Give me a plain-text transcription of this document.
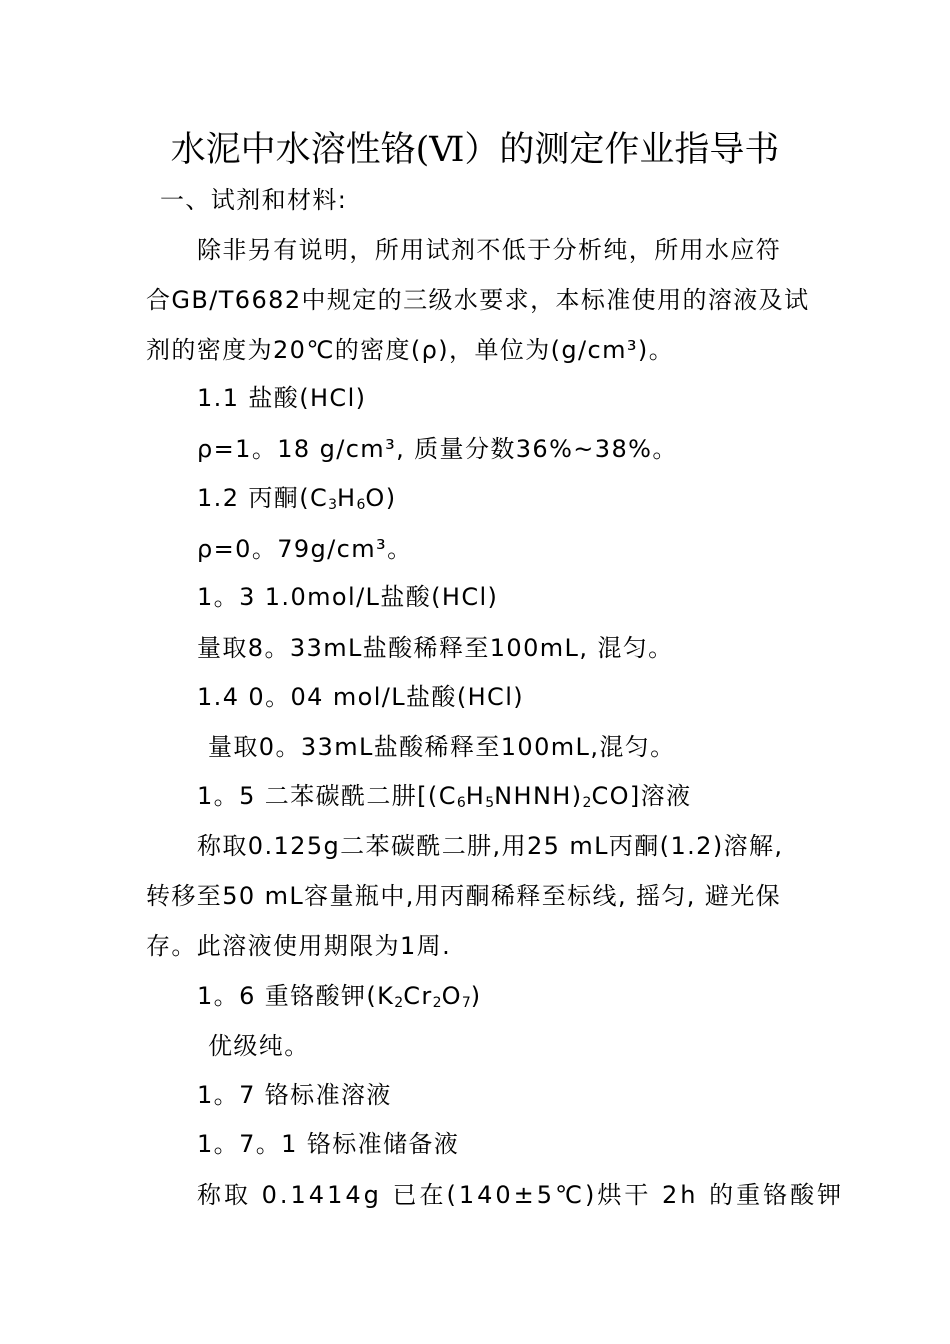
水泥中水溶性铬(Ⅵ）的测定作业指导书
一、试剂和材料:
除非另有说明，所用试剂不低于分析纯，所用水应符
合GB/T6682中规定的三级水要求，本标准使用的溶液及试
剂的密度为20℃的密度(ρ)，单位为(g/cm³)。
1.1 盐酸(HCl)
ρ=1。18 g/cm³, 质量分数36%~38%。
1.2 丙酮$(C_3H_6O)$
ρ=0。79g/cm³。
1。3 1.0mol/L盐酸(HCl)
量取8。33mL盐酸稀释至100mL, 混匀。
1.4 0。04 mol/L盐酸(HCl)
量取0。33mL盐酸稀释至100mL,混匀。
1。5 二苯碳酰二肼$[(C_6H_5NHNH)_2CO]$溶液
称取0.125g二苯碳酰二肼,用25 mL丙酮(1.2)溶解,
转移至50 mL容量瓶中,用丙酮稀释至标线, 摇匀, 避光保
存。此溶液使用期限为1周.
1。6 重铬酸钾$(K_2Cr_2O_7)$
优级纯。
1。7 铬标准溶液
1。7。1 铬标准储备液
称取 0.1414g 已在(140±5℃)烘干 2h 的重铬酸钾
